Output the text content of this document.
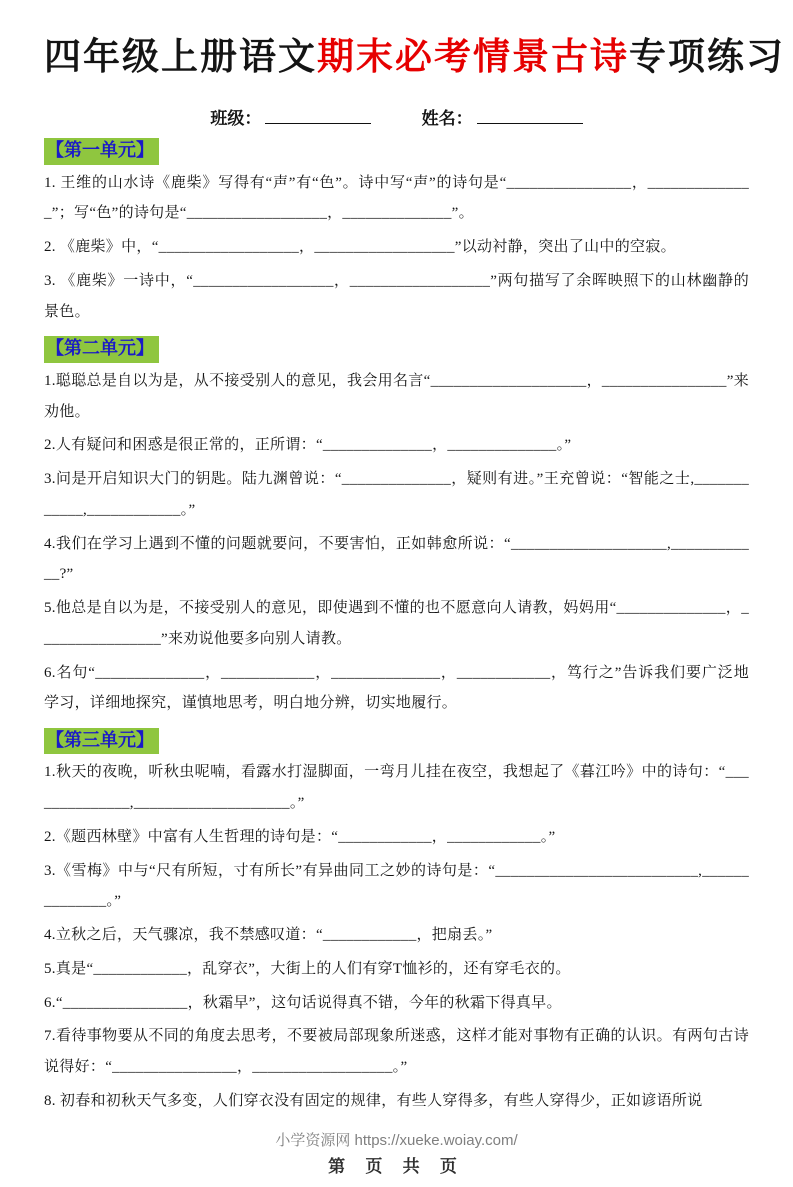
四年级上册语文期末必考情景古诗专项练习
班级：	姓名：
【第一单元】

1. 王维的山水诗《鹿柴》写得有“声”有“色”。诗中写“声”的诗句是“________________，______________”；写“色”的诗句是“__________________，______________”。

2. 《鹿柴》中，“__________________，__________________”以动衬静，突出了山中的空寂。

3. 《鹿柴》一诗中，“__________________，__________________”两句描写了余晖映照下的山林幽静的景色。

【第二单元】

1.聪聪总是自以为是，从不接受别人的意见，我会用名言“____________________，________________”来劝他。

2.人有疑问和困惑是很正常的，正所谓：“______________，______________。”

3.问是开启知识大门的钥匙。陆九渊曾说：“______________，疑则有进。”王充曾说：“智能之士,____________,____________。”

4.我们在学习上遇到不懂的问题就要问，不要害怕，正如韩愈所说：“____________________,____________?”

5.他总是自以为是，不接受别人的意见，即使遇到不懂的也不愿意向人请教，妈妈用“______________，________________”来劝说他要多向别人请教。

6.名句“______________，____________，______________，____________，笃行之”告诉我们要广泛地学习，详细地探究，谨慎地思考，明白地分辨，切实地履行。

【第三单元】

1.秋天的夜晚，听秋虫呢喃，看露水打湿脚面，一弯月儿挂在夜空，我想起了《暮江吟》中的诗句：“______________,____________________。”

2.《题西林壁》中富有人生哲理的诗句是：“____________，____________。”

3.《雪梅》中与“尺有所短，寸有所长”有异曲同工之妙的诗句是：“__________________________,______________。”

4.立秋之后，天气骤凉，我不禁感叹道：“____________，把扇丢。”

5.真是“____________，乱穿衣”，大街上的人们有穿T恤衫的，还有穿毛衣的。

6.“________________，秋霜早”，这句话说得真不错，今年的秋霜下得真早。

7.看待事物要从不同的角度去思考，不要被局部现象所迷惑，这样才能对事物有正确的认识。有两句古诗说得好：“________________，__________________。”

8. 初春和初秋天气多变，人们穿衣没有固定的规律，有些人穿得多，有些人穿得少，正如谚语所说

小学资源网 https://xueke.woiay.com/
第 页 共 页
